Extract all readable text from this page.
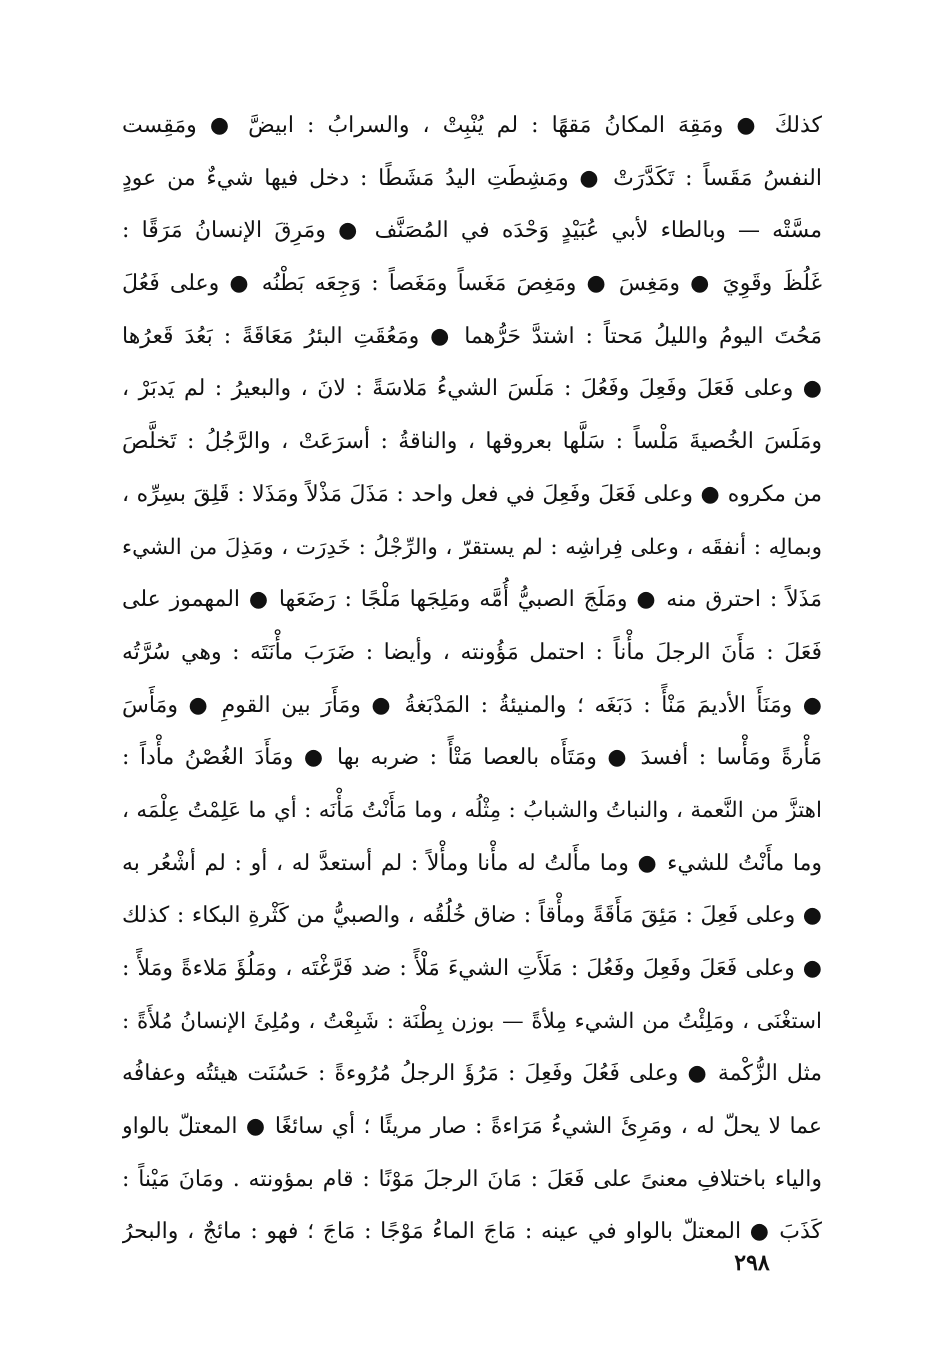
كذلكَ ● ومَقِهَ المكانُ مَقهًا : لم يُنْبِتْ ، والسرابُ : ابيضَّ ● ومَقِست
النفسُ مَقَساً : تَكَدَّرَتْ ● ومَشِطَتِ اليدُ مَشَطًا : دخل فيها شيءٌ من عودٍ
مسَّتْه — وبالطاء لأبي عُبَيْدٍ وَحْدَه في المُصَنَّف ● ومَرِقَ الإنسانُ مَرَقًا :
غَلُظَ وقَوِيَ ● ومَغِسَ ● ومَغِصَ مَغَساً ومَغَصاً : وَجِعَه بَطْنُه ● وعلى فَعُلَ
مَحُتَ اليومُ والليلُ مَحتاً : اشتدَّ حَرُّهما ● ومَعُقَتِ البئرُ مَعَاقَةً : بَعُدَ قَعرُها
● وعلى فَعَلَ وفَعِلَ وفَعُلَ : مَلَسَ الشيءُ مَلاسَةً : لانَ ، والبعيرُ : لم يَدبَرْ ،
ومَلَسَ الخُصيةَ مَلْساً : سَلَّها بعروقها ، والناقةُ : أسرَعَتْ ، والرَّجُلُ : تَخلَّصَ
من مكروه ● وعلى فَعَلَ وفَعِلَ في فعل واحد : مَذَلَ مَذْلاً ومَذَلا : قَلِقَ بسِرِّه ،
وبمالِه : أنفقَه ، وعلى فِراشِه : لم يستقرّ ، والرِّجْلُ : خَدِرَت ، ومَذِلَ من الشيء
مَذَلاً : احترق منه ● ومَلَجَ الصبيُّ أُمَّه ومَلِجَها مَلْجًا : رَضَعَها ● المهموز على
فَعَلَ : مَأَنَ الرجلَ مأْناً : احتمل مَؤُونته ، وأيضا : ضَرَبَ مأْنَتَه : وهي سُرَّتُه
● ومَنَأَ الأديمَ مَنْأً : دَبَغَه ؛ والمنيئةُ : المَدْبَغةُ ● ومَأَرَ بين القومِ ● ومَأَسَ
مَأْرةً ومَأْسا : أفسدَ ● ومَتَأَه بالعصا مَتْأً : ضربه بها ● ومَأَدَ الغُصْنُ مأْداً :
اهتزَّ من النَّعمة ، والنباتُ والشبابُ : مِثْلُه ، وما مَأَنْتُ مَأْنَه : أي ما عَلِمْتُ عِلْمَه ،
وما مأَنْتُ للشيء ● وما مأَلتُ له مأْنا ومأْلاً : لم أستعدَّ له ، أو : لم أشْعُر به
● وعلى فَعِلَ : مَئِقَ مَأَقَةً ومأْقاً : ضاق خُلُقُه ، والصبيُّ من كَثْرةِ البكاء : كذلك
● وعلى فَعَلَ وفَعِلَ وفَعُلَ : مَلَأَتِ الشيءَ مَلْأً : ضد فَرَّغْتَه ، ومَلُؤَ مَلاءةً ومَلأً :
استغْنَى ، ومَلِئْتُ من الشيء مِلأةً — بوزن بِطْنَة : شَبِعْتُ ، ومُلِئَ الإنسانُ مُلأَةً :
مثل الزُّكْمة ● وعلى فَعُلَ وفَعِلَ : مَرُؤَ الرجلُ مُرُوءةً : حَسُنَت هيئتُه وعفافُه
عما لا يحلّ له ، ومَرِئَ الشيءُ مَرَاءةً : صار مريئًا ؛ أي سائغًا ● المعتلّ بالواو
والياء باختلافِ معنىً على فَعَلَ : مَانَ الرجلَ مَوْنًا : قام بمؤونته . ومَانَ مَيْناً :
كَذَبَ ● المعتلّ بالواو في عينه : مَاجَ الماءُ مَوْجًا : مَاجَ ؛ فهو : مائجٌ ، والبحرُ
٢٩٨
